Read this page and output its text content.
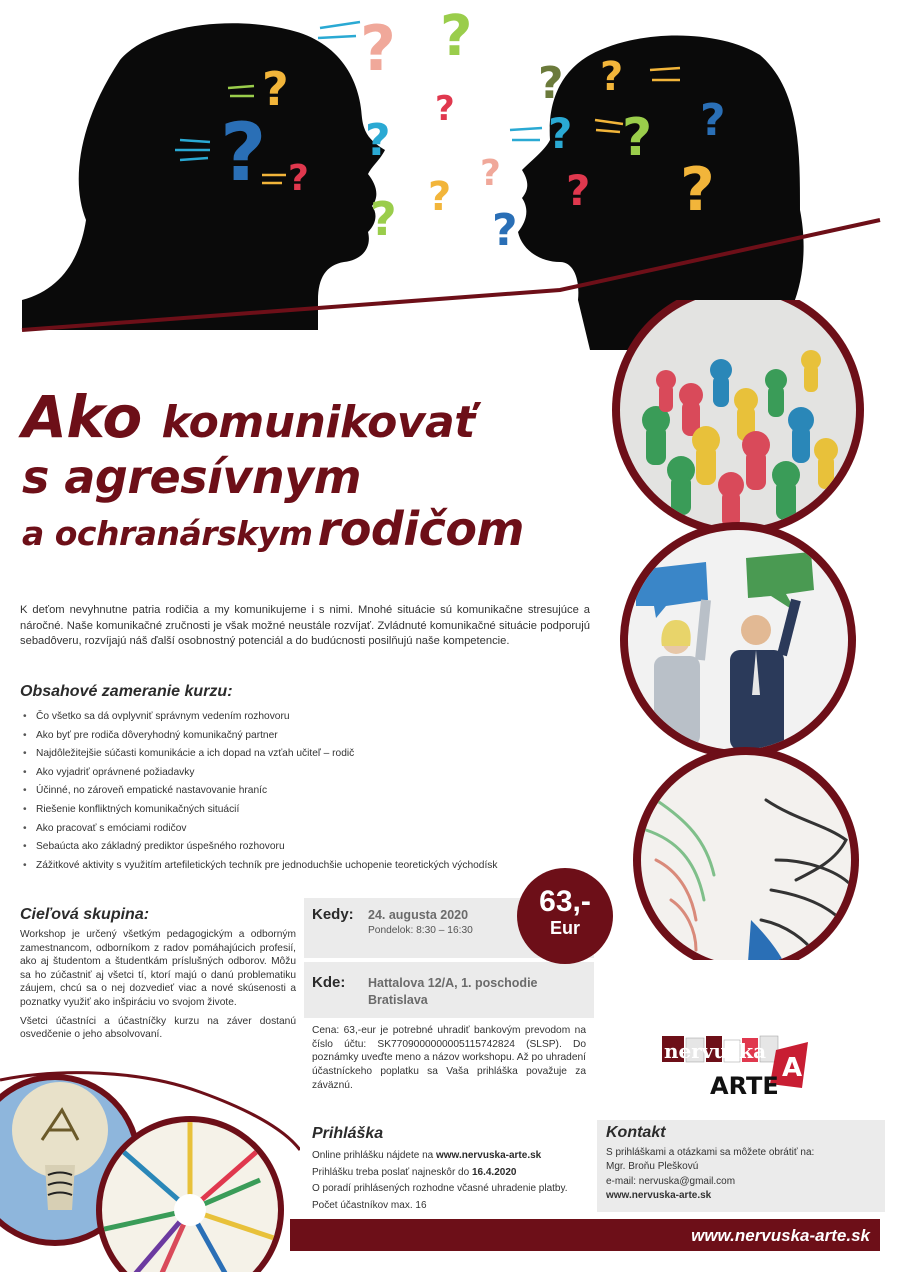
?
?
?
? ?
?
?
?
?
?
?
?
?
?
?
? ?
?
Ako komunikovať
s agresívnym
a ochranárskym rodičom
K deťom nevyhnutne patria rodičia a my komunikujeme i s nimi. Mnohé situácie sú komunikačne stresujúce a náročné. Naše komunikačné zručnosti je však možné neustále rozvíjať. Zvládnuté komunikačné situácie podporujú sebadôveru, rozvíjajú náš ďalší osobnostný potenciál a do budúcnosti posilňujú naše kompetencie.
Obsahové zameranie kurzu:
• Čo všetko sa dá ovplyvniť správnym vedením rozhovoru
• Ako byť pre rodiča dôveryhodný komunikačný partner
• Najdôležitejšie súčasti komunikácie a ich dopad na vzťah učiteľ – rodič
• Ako vyjadriť oprávnené požiadavky
• Účinné, no zároveň empatické nastavovanie hraníc
• Riešenie konfliktných komunikačných situácií
• Ako pracovať s emóciami rodičov
• Sebaúcta ako základný prediktor úspešného rozhovoru
• Zážitkové aktivity s využitím artefiletických techník pre jednoduchšie uchopenie teoretických východísk
Cieľová skupina:

Workshop je určený všetkým pedagogickým a odborným zamestnancom, odborníkom z radov pomáhajúcich profesií, ako aj študentom a študentkám príslušných odborov. Môžu sa ho zúčastniť aj všetci tí, ktorí majú o danú problematiku záujem, chcú sa o nej dozvedieť viac a nové skúsenosti a poznatky využiť ako inšpiráciu vo svojom živote.

Všetci účastníci a účastníčky kurzu na záver dostanú osvedčenie o jeho absolvovaní.

Kedy: 24. augusta 2020
Pondelok: 8:30 – 16:30
Kde: Hattalova 12/A, 1. poschodie
Bratislava
63,-
Eur
Cena: 63,-eur je potrebné uhradiť bankovým prevodom na číslo účtu: SK7709000000005115742824 (SLSP). Do poznámky uveďte meno a názov workshopu. Až po uhradení účastníckeho poplatku sa Vaša prihláška považuje za záväznú.
nervuška
ARTE
A
Prihláška
Online prihlášku nájdete na www.nervuska-arte.sk
Prihlášku treba poslať najneskôr do 16.4.2020
O poradí prihlásených rozhodne včasné uhradenie platby.
Počet účastníkov max. 16
Kontakt
S prihláškami a otázkami sa môžete obrátiť na:
Mgr. Broňu Pleškovú
e-mail: nervuska@gmail.com
www.nervuska-arte.sk
www.nervuska-arte.sk
